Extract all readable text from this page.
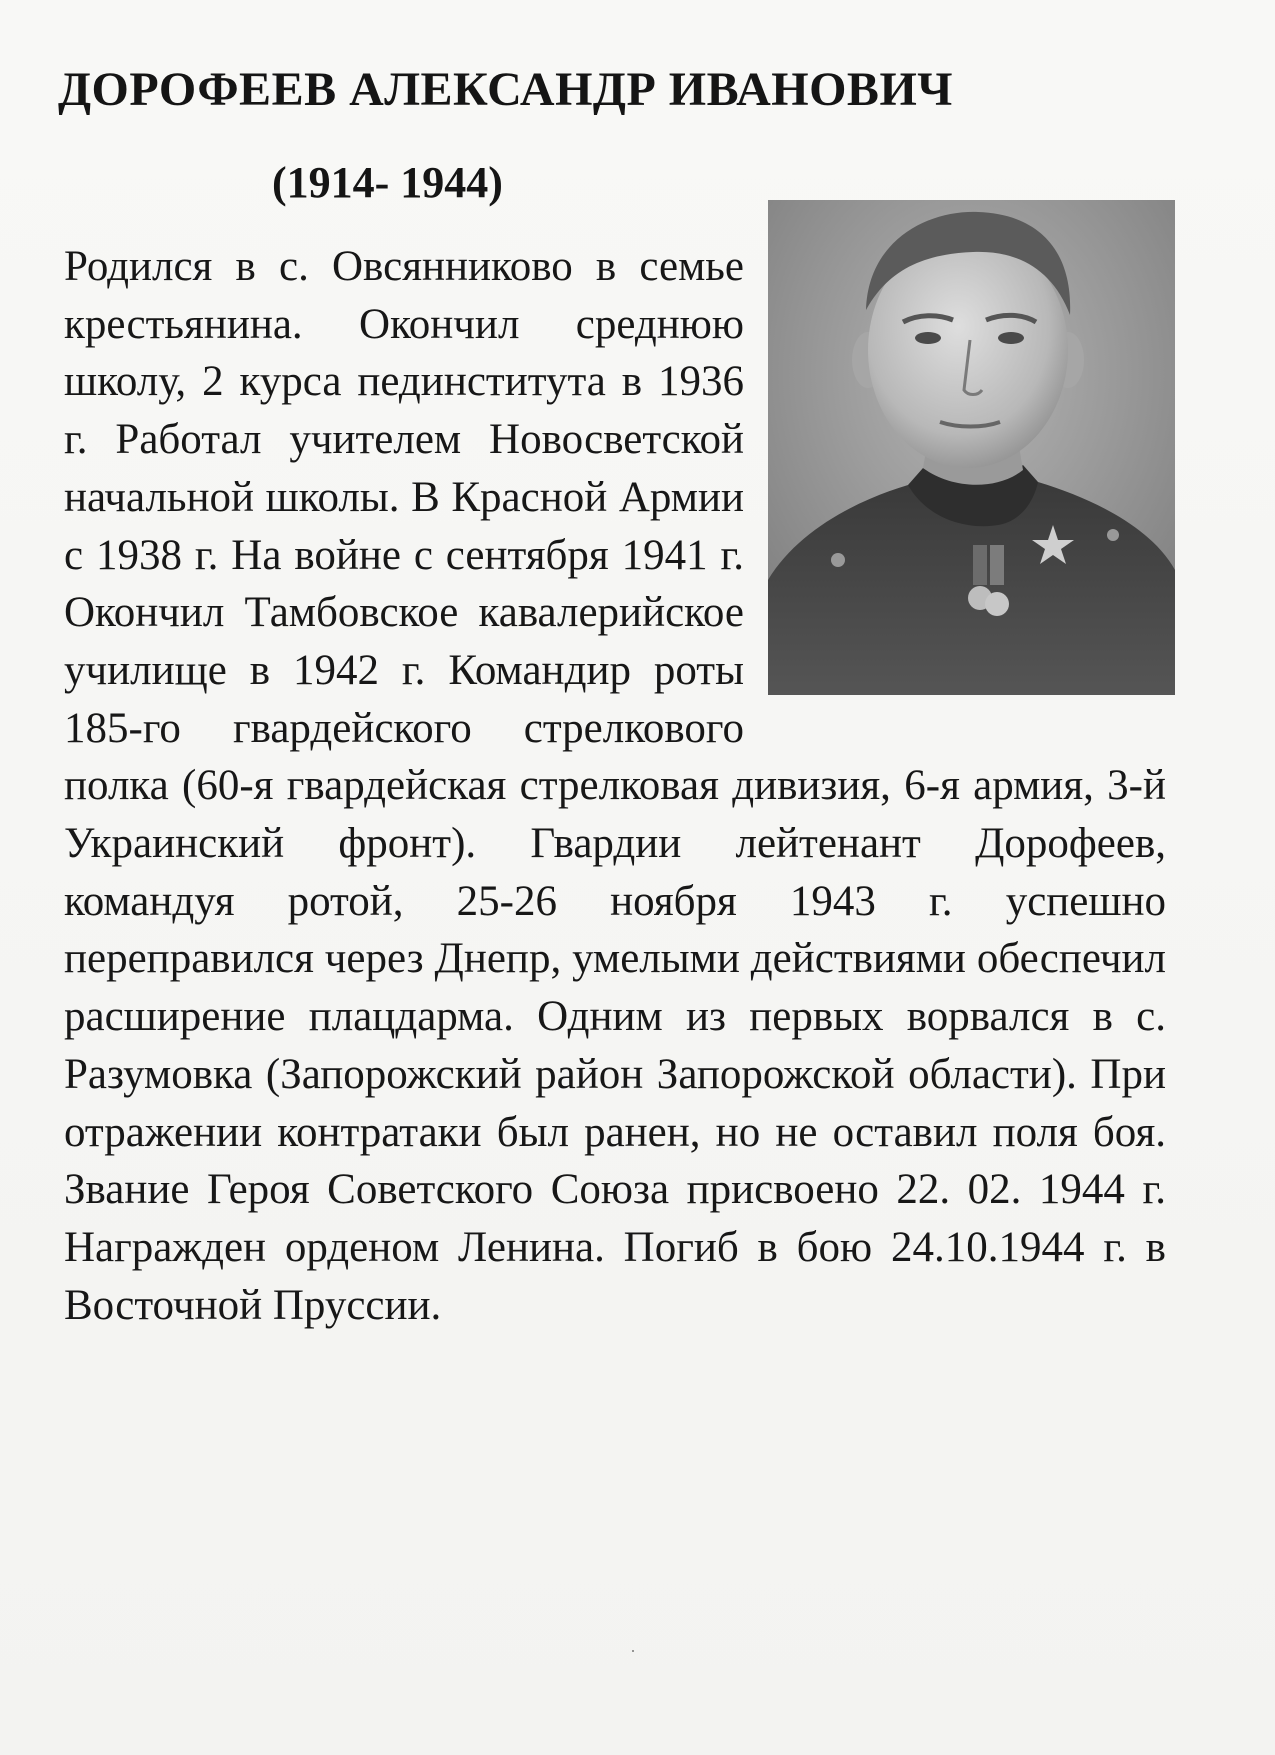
ДОРОФЕЕВ АЛЕКСАНДР ИВАНОВИЧ
(1914- 1944)

Родился в с. Овсянниково в семье крестьянина. Окончил среднюю школу, 2 курса пединститута в 1936 г. Работал учителем Новосветской начальной школы. В Красной Армии с 1938 г. На войне с сентября 1941 г. Окончил Тамбовское кавалерийское училище в 1942 г. Командир роты 185-го гвардейского стрелкового полка (60-я гвардейская стрелковая дивизия, 6-я армия, 3-й Украинский фронт). Гвардии лейтенант Дорофеев, командуя ротой, 25-26 ноября 1943 г. успешно переправился через Днепр, умелыми действиями обеспечил расширение плацдарма. Одним из первых ворвался в с. Разумовка (Запорожский район Запорожской области). При отражении контратаки был ранен, но не оставил поля боя. Звание Героя Советского Союза присвоено 22. 02. 1944 г. Награжден орденом Ленина. Погиб в бою 24.10.1944 г. в Восточной Пруссии.
